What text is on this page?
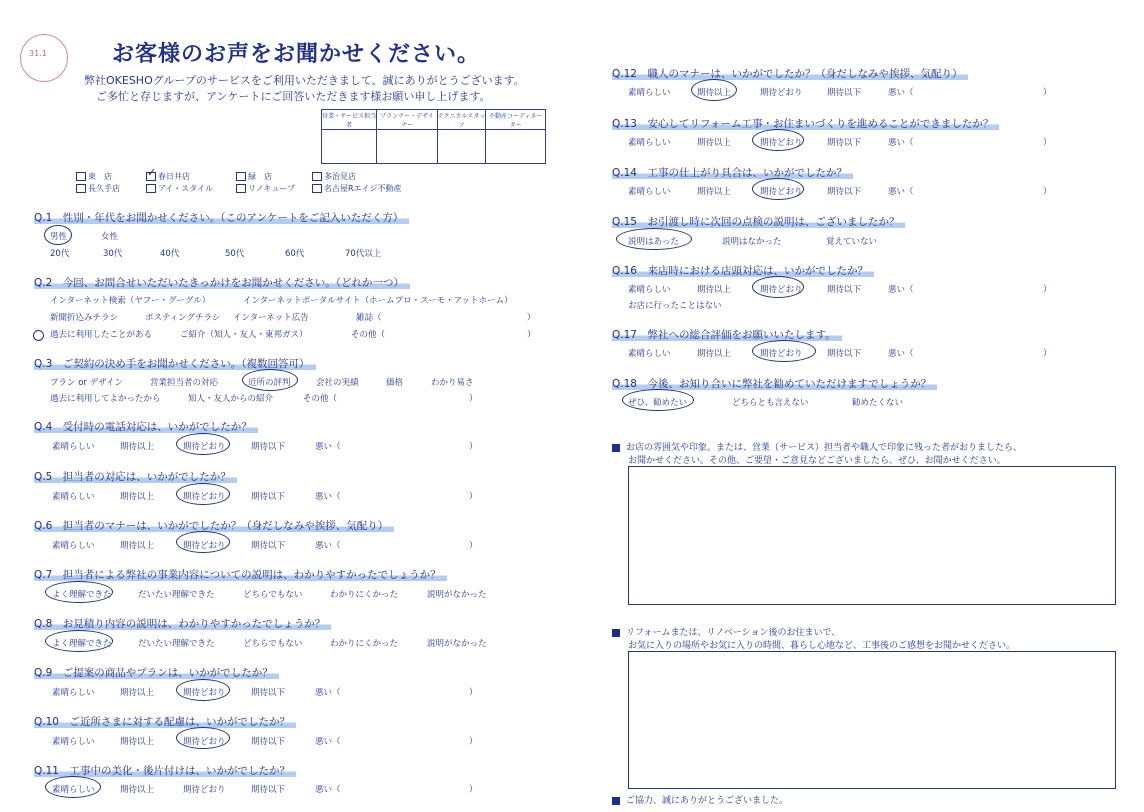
31.1	お客様のお声をお聞かせください。
弊社OKESHOグループのサービスをご利用いただきまして、誠にありがとうございます。
ご多忙と存じますが、アンケートにご回答いただきます様お願い申し上げます。
営業・サービス担当者	プランナー・デザイナー	テクニカルスタッフ	不動産コーディネーター

東　店	✓ 春日井店	緑　店	多治見店
長久手店	アイ・スタイル	リノキューブ	名古屋Rエイジ不動産
Q.1　性別・年代をお聞かせください。（このアンケートをご記入いただく方）
男性	女性
20代	30代	40代	50代	60代	70代以上
Q.2　今回、お問合せいただいたきっかけをお聞かせください。（どれか一つ）
インターネット検索（ヤフー・グーグル）	インターネットポータルサイト（ホームプロ・スーモ・アットホーム）
新聞折込みチラシ	ポスティングチラシ インターネット広告	雑誌（	）
過去に利用したことがある	ご紹介（知人・友人・東邦ガス）	その他（	）
Q.3　ご契約の決め手をお聞かせください。（複数回答可）
プラン or デザイン	営業担当者の対応	近所の評判	会社の実績	価格	わかり易さ
過去に利用してよかったから	知人・友人からの紹介	その他（	）
Q.4　受付時の電話対応は、いかがでしたか？
素晴らしい	期待以上	期待どおり	期待以下	悪い（	）
Q.5　担当者の対応は、いかがでしたか？
素晴らしい	期待以上	期待どおり	期待以下	悪い（	）
Q.6　担当者のマナーは、いかがでしたか？（身だしなみや挨拶、気配り）
素晴らしい	期待以上	期待どおり	期待以下	悪い（	）
Q.7　担当者による弊社の事業内容についての説明は、わかりやすかったでしょうか？
よく理解できた	だいたい理解できた	どちらでもない	わかりにくかった	説明がなかった
Q.8　お見積り内容の説明は、わかりやすかったでしょうか？
よく理解できた	だいたい理解できた	どちらでもない	わかりにくかった	説明がなかった
Q.9　ご提案の商品やプランは、いかがでしたか？
素晴らしい	期待以上	期待どおり	期待以下	悪い（	）
Q.10　ご近所さまに対する配慮は、いかがでしたか？
素晴らしい	期待以上	期待どおり	期待以下	悪い（	）
Q.11　工事中の美化・後片付けは、いかがでしたか？
素晴らしい	期待以上	期待どおり	期待以下	悪い（	）
Q.12　職人のマナーは、いかがでしたか？（身だしなみや挨拶、気配り）
素晴らしい	期待以上	期待どおり	期待以下	悪い（	）
Q.13　安心してリフォーム工事・お住まいづくりを進めることができましたか？
素晴らしい	期待以上	期待どおり	期待以下	悪い（	）
Q.14　工事の仕上がり具合は、いかがでしたか？
素晴らしい	期待以上	期待どおり	期待以下	悪い（	）
Q.15　お引渡し時に次回の点検の説明は、ございましたか？
説明はあった	説明はなかった	覚えていない
Q.16　来店時における店頭対応は、いかがでしたか？
素晴らしい	期待以上	期待どおり	期待以下	悪い（	）
お店に行ったことはない
Q.17　弊社への総合評価をお願いいたします。
素晴らしい	期待以上	期待どおり	期待以下	悪い（	）
Q.18　今後、お知り合いに弊社を勧めていただけますでしょうか？
ぜひ、勧めたい	どちらとも言えない	勧めたくない
お店の雰囲気や印象。または、営業（サービス）担当者や職人で印象に残った者がおりましたら、
お聞かせください。その他、ご要望・ご意見などございましたら、ぜひ、お聞かせください。
リフォームまたは、リノベーション後のお住まいで、
お気に入りの場所やお気に入りの時間、暮らし心地など、工事後のご感想をお聞かせください。
ご協力、誠にありがとうございました。
